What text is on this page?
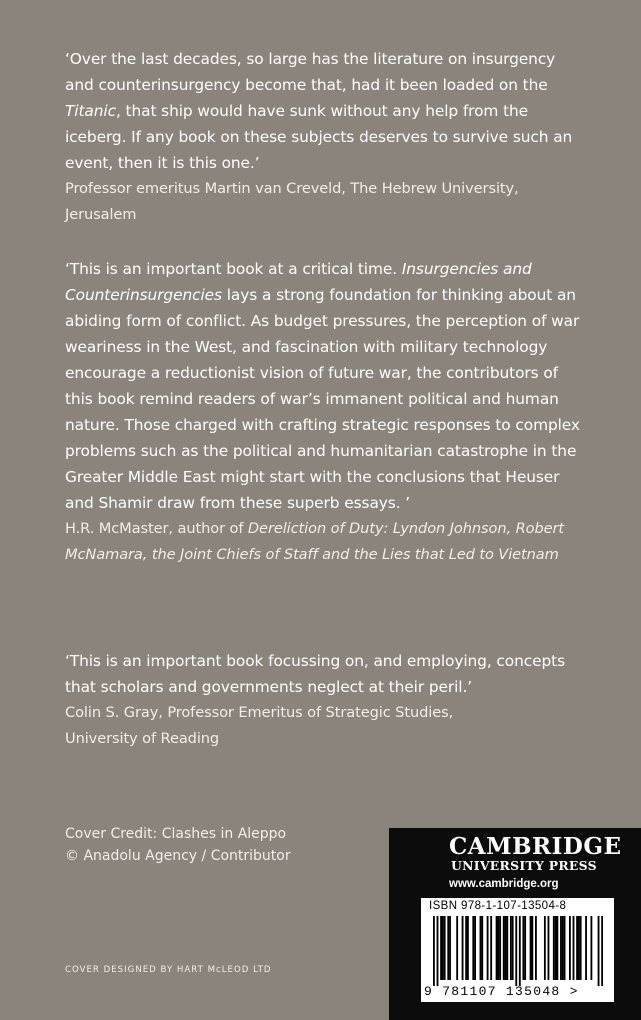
‘Over the last decades, so large has the literature on insurgency and counterinsurgency become that, had it been loaded on the Titanic, that ship would have sunk without any help from the iceberg. If any book on these subjects deserves to survive such an event, then it is this one.’
Professor emeritus Martin van Creveld, The Hebrew University, Jerusalem
‘This is an important book at a critical time. Insurgencies and Counterinsurgencies lays a strong foundation for thinking about an abiding form of conflict. As budget pressures, the perception of war weariness in the West, and fascination with military technology encourage a reductionist vision of future war, the contributors of this book remind readers of war’s immanent political and human nature. Those charged with crafting strategic responses to complex problems such as the political and humanitarian catastrophe in the Greater Middle East might start with the conclusions that Heuser and Shamir draw from these superb essays. ’
H.R. McMaster, author of Dereliction of Duty: Lyndon Johnson, Robert McNamara, the Joint Chiefs of Staff and the Lies that Led to Vietnam
‘This is an important book focussing on, and employing, concepts that scholars and governments neglect at their peril.’
Colin S. Gray, Professor Emeritus of Strategic Studies,
University of Reading
Cover Credit: Clashes in Aleppo
© Anadolu Agency / Contributor
COVER DESIGNED BY HART McLEOD LTD
CAMBRIDGE
UNIVERSITY PRESS
www.cambridge.org
ISBN 978-1-107-13504-8
9 781107 135048 >
